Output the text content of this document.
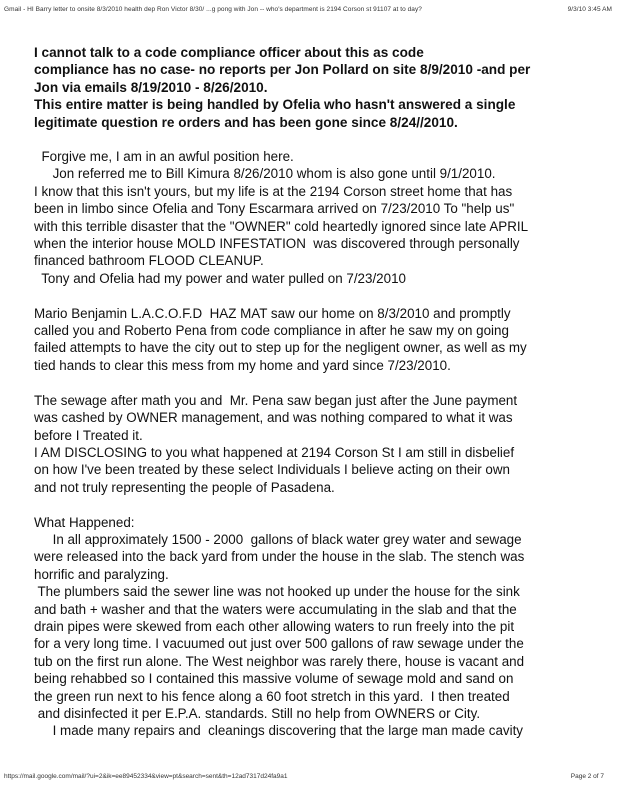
Gmail - HI Barry letter to onsite 8/3/2010 health dep Ron Victor 8/30/ ...g pong with Jon -- who's department is 2194 Corson st 91107 at to day?	9/3/10 3:45 AM
I cannot talk to a code compliance officer about this as code
compliance has no case- no reports per Jon Pollard on site 8/9/2010 -and per
Jon via emails 8/19/2010 - 8/26/2010.
This entire matter is being handled by Ofelia who hasn't answered a single
legitimate question re orders and has been gone since 8/24//2010.
Forgive me, I am in an awful position here.
Jon referred me to Bill Kimura 8/26/2010 whom is also gone until 9/1/2010.
I know that this isn't yours, but my life is at the 2194 Corson street home that has
been in limbo since Ofelia and Tony Escarmara arrived on 7/23/2010 To "help us"
with this terrible disaster that the "OWNER" cold heartedly ignored since late APRIL
when the interior house MOLD INFESTATION  was discovered through personally
financed bathroom FLOOD CLEANUP.
Tony and Ofelia had my power and water pulled on 7/23/2010

Mario Benjamin L.A.C.O.F.D  HAZ MAT saw our home on 8/3/2010 and promptly
called you and Roberto Pena from code compliance in after he saw my on going
failed attempts to have the city out to step up for the negligent owner, as well as my
tied hands to clear this mess from my home and yard since 7/23/2010.

The sewage after math you and  Mr. Pena saw began just after the June payment
was cashed by OWNER management, and was nothing compared to what it was
before I Treated it.
I AM DISCLOSING to you what happened at 2194 Corson St I am still in disbelief
on how I've been treated by these select Individuals I believe acting on their own
and not truly representing the people of Pasadena.

What Happened:
In all approximately 1500 - 2000  gallons of black water grey water and sewage
were released into the back yard from under the house in the slab. The stench was
horrific and paralyzing.
The plumbers said the sewer line was not hooked up under the house for the sink
and bath + washer and that the waters were accumulating in the slab and that the
drain pipes were skewed from each other allowing waters to run freely into the pit
for a very long time. I vacuumed out just over 500 gallons of raw sewage under the
tub on the first run alone. The West neighbor was rarely there, house is vacant and
being rehabbed so I contained this massive volume of sewage mold and sand on
the green run next to his fence along a 60 foot stretch in this yard.  I then treated
and disinfected it per E.P.A. standards. Still no help from OWNERS or City.
I made many repairs and  cleanings discovering that the large man made cavity
https://mail.google.com/mail/?ui=2&ik=ee89452334&view=pt&search=sent&th=12ad7317d24fa9a1	Page 2 of 7
